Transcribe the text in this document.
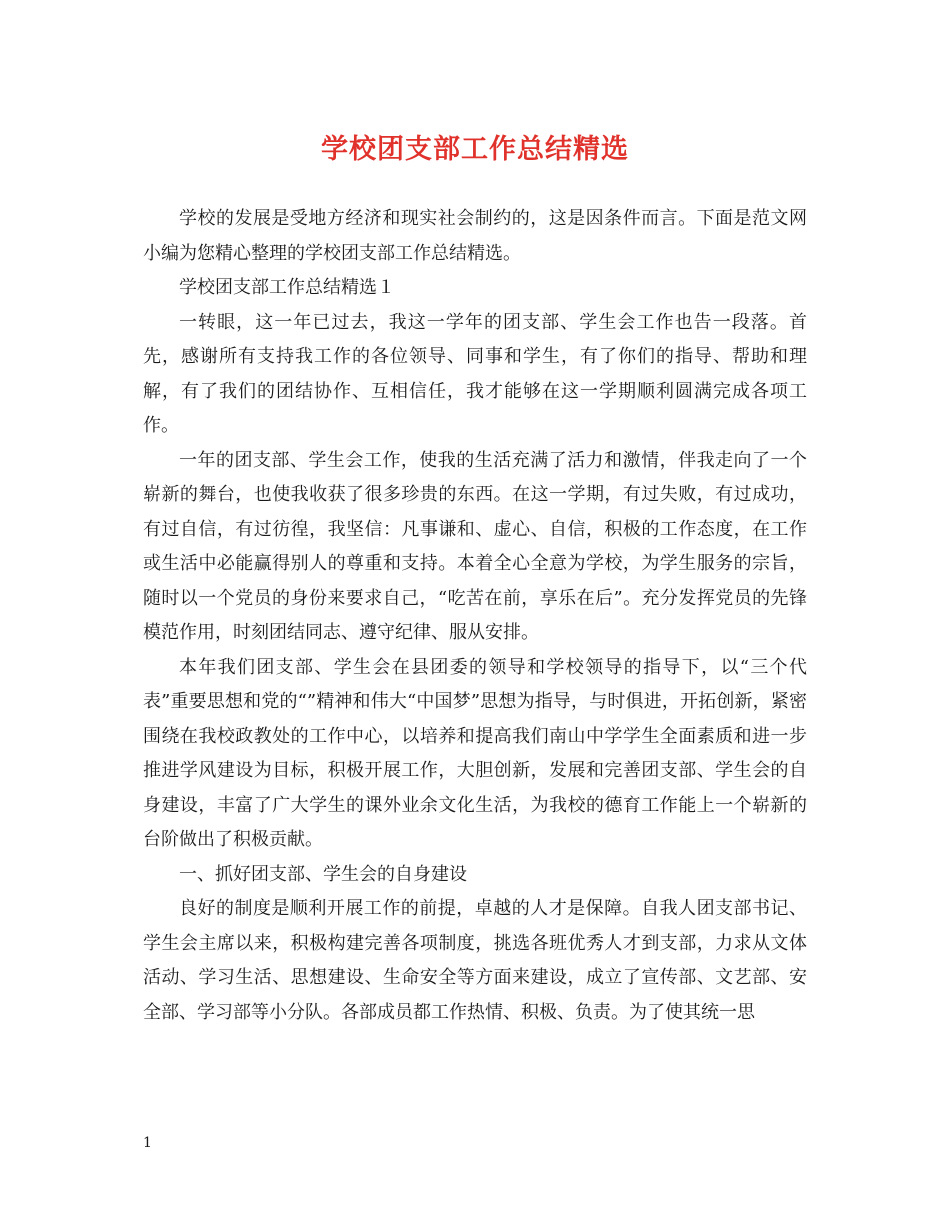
学校团支部工作总结精选

学校的发展是受地方经济和现实社会制约的，这是因条件而言。下面是范文网小编为您精心整理的学校团支部工作总结精选。

学校团支部工作总结精选１

一转眼，这一年已过去，我这一学年的团支部、学生会工作也告一段落。首先，感谢所有支持我工作的各位领导、同事和学生，有了你们的指导、帮助和理解，有了我们的团结协作、互相信任，我才能够在这一学期顺利圆满完成各项工作。

一年的团支部、学生会工作，使我的生活充满了活力和激情，伴我走向了一个崭新的舞台，也使我收获了很多珍贵的东西。在这一学期，有过失败，有过成功，有过自信，有过彷徨，我坚信：凡事谦和、虚心、自信，积极的工作态度，在工作或生活中必能赢得别人的尊重和支持。本着全心全意为学校，为学生服务的宗旨，随时以一个党员的身份来要求自己，“吃苦在前，享乐在后”。充分发挥党员的先锋模范作用，时刻团结同志、遵守纪律、服从安排。

本年我们团支部、学生会在县团委的领导和学校领导的指导下，以“三个代表”重要思想和党的“”精神和伟大“中国梦”思想为指导，与时俱进，开拓创新，紧密围绕在我校政教处的工作中心，以培养和提高我们南山中学学生全面素质和进一步推进学风建设为目标，积极开展工作，大胆创新，发展和完善团支部、学生会的自身建设，丰富了广大学生的课外业余文化生活，为我校的德育工作能上一个崭新的台阶做出了积极贡献。

一、抓好团支部、学生会的自身建设

良好的制度是顺利开展工作的前提，卓越的人才是保障。自我人团支部书记、学生会主席以来，积极构建完善各项制度，挑选各班优秀人才到支部，力求从文体活动、学习生活、思想建设、生命安全等方面来建设，成立了宣传部、文艺部、安全部、学习部等小分队。各部成员都工作热情、积极、负责。为了使其统一思

1
